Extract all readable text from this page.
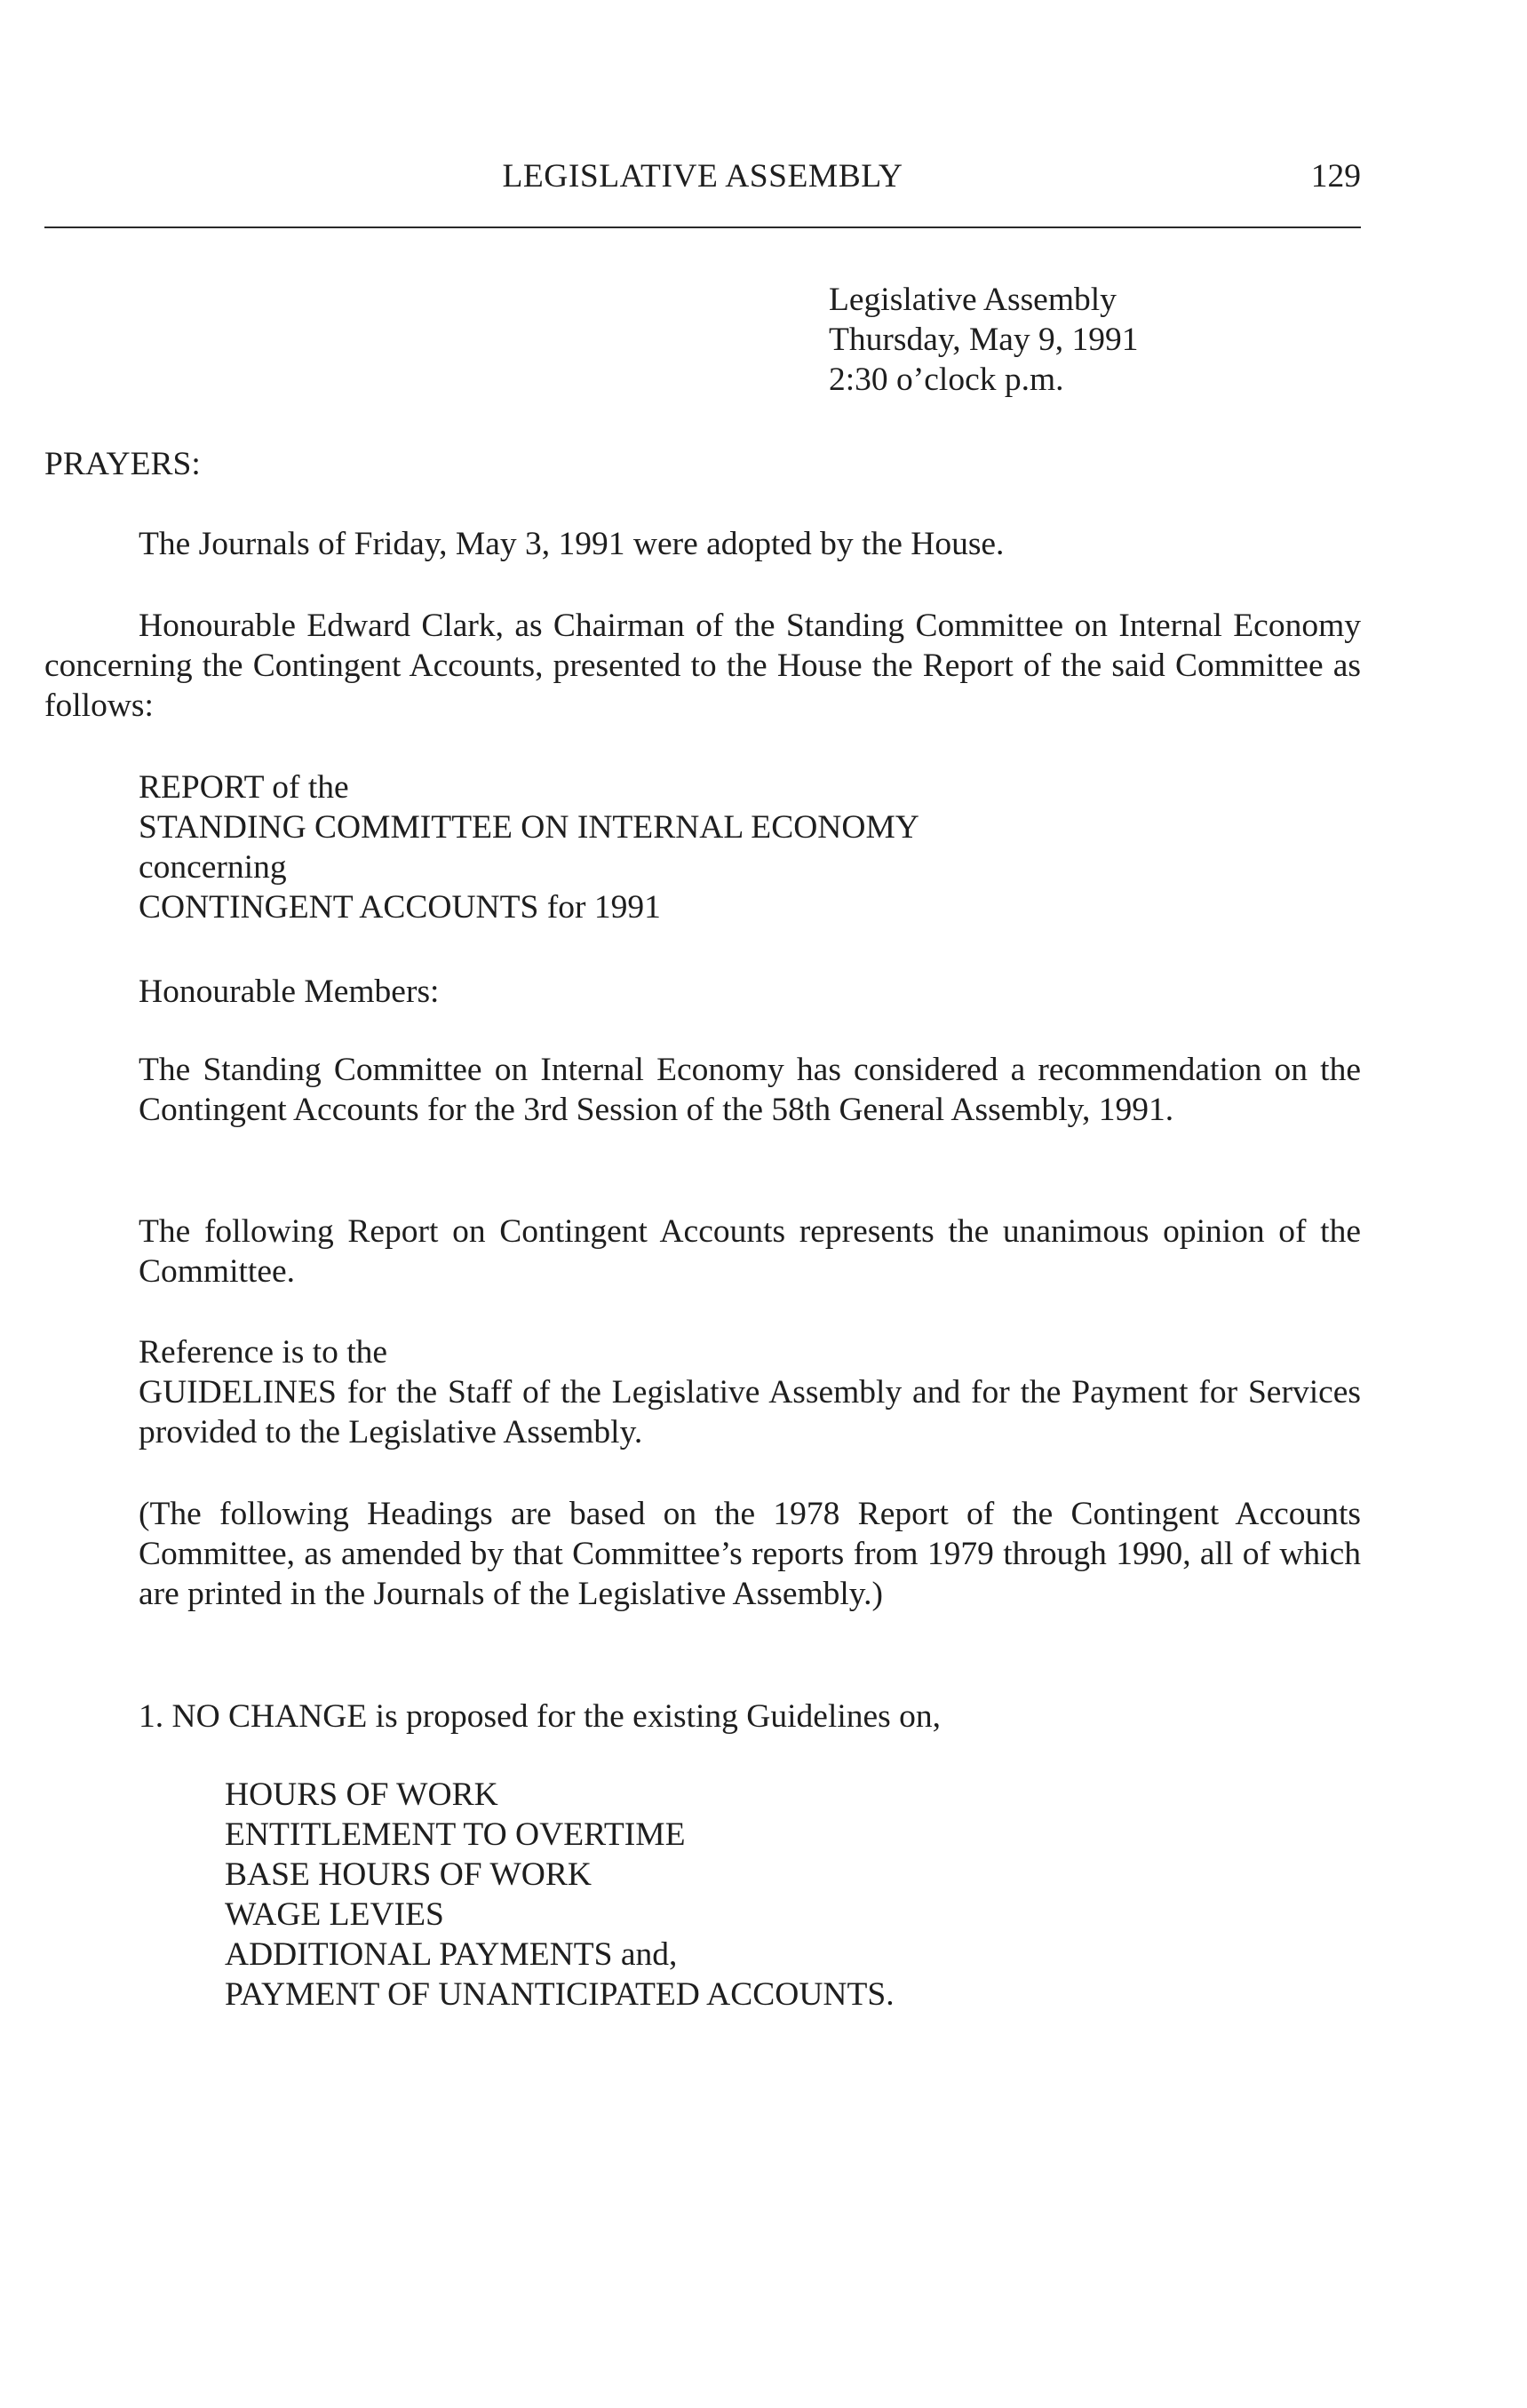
LEGISLATIVE ASSEMBLY	129
Legislative Assembly
Thursday, May 9, 1991
2:30 o’clock p.m.
PRAYERS:
The Journals of Friday, May 3, 1991 were adopted by the House.
Honourable Edward Clark, as Chairman of the Standing Committee on Internal Economy concerning the Contingent Accounts, presented to the House the Report of the said Committee as follows:
REPORT of the
STANDING COMMITTEE ON INTERNAL ECONOMY
concerning
CONTINGENT ACCOUNTS for 1991
Honourable Members:
The Standing Committee on Internal Economy has considered a recommendation on the Contingent Accounts for the 3rd Session of the 58th General Assembly, 1991.
The following Report on Contingent Accounts represents the unanimous opinion of the Committee.
Reference is to the
GUIDELINES for the Staff of the Legislative Assembly and for the Payment for Services provided to the Legislative Assembly.
(The following Headings are based on the 1978 Report of the Contingent Accounts Committee, as amended by that Committee’s reports from 1979 through 1990, all of which are printed in the Journals of the Legislative Assembly.)
1. NO CHANGE is proposed for the existing Guidelines on,
HOURS OF WORK
ENTITLEMENT TO OVERTIME
BASE HOURS OF WORK
WAGE LEVIES
ADDITIONAL PAYMENTS and,
PAYMENT OF UNANTICIPATED ACCOUNTS.
